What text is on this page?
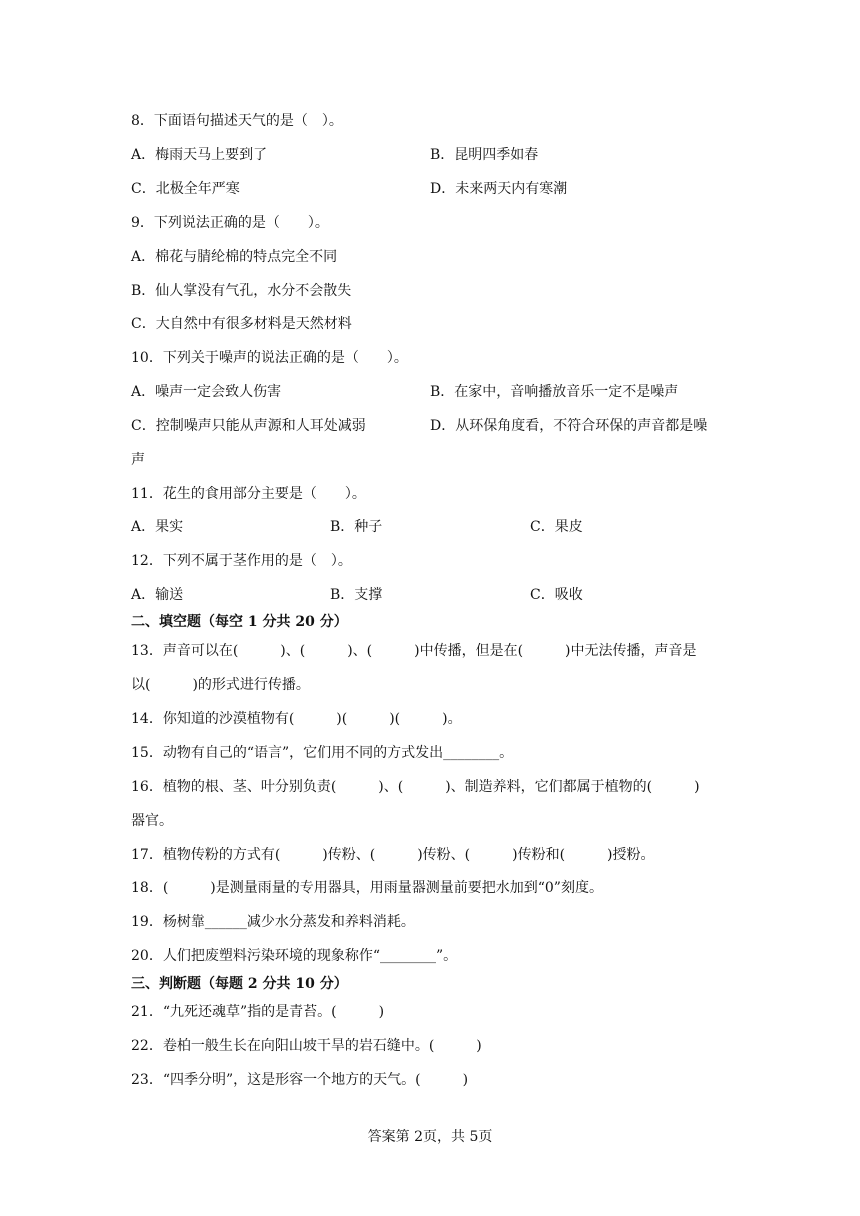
8．下面语句描述天气的是（　）。
A．梅雨天马上要到了	B．昆明四季如春
C．北极全年严寒	D．未来两天内有寒潮
9．下列说法正确的是（　　）。
A．棉花与腈纶棉的特点完全不同
B．仙人掌没有气孔，水分不会散失
C．大自然中有很多材料是天然材料
10．下列关于噪声的说法正确的是（　　）。
A．噪声一定会致人伤害	B．在家中，音响播放音乐一定不是噪声
C．控制噪声只能从声源和人耳处减弱	D．从环保角度看，不符合环保的声音都是噪
声
11．花生的食用部分主要是（　　）。
A．果实	B．种子	C．果皮
12．下列不属于茎作用的是（　）。
A．输送	B．支撑	C．吸收
二、填空题（每空 1 分共 20 分）
13．声音可以在(　　　)、(　　　)、(　　　)中传播，但是在(　　　)中无法传播，声音是
以(　　　)的形式进行传播。
14．你知道的沙漠植物有(　　　)(　　　)(　　　)。
15．动物有自己的“语言”，它们用不同的方式发出________。
16．植物的根、茎、叶分别负责(　　　)、(　　　)、制造养料，它们都属于植物的(　　　)
器官。
17．植物传粉的方式有(　　　)传粉、(　　　)传粉、(　　　)传粉和(　　　)授粉。
18．(　　　)是测量雨量的专用器具，用雨量器测量前要把水加到“0”刻度。
19．杨树靠______减少水分蒸发和养料消耗。
20．人们把废塑料污染环境的现象称作“________”。
三、判断题（每题 2 分共 10 分）
21．“九死还魂草”指的是青苔。(　　　)
22．卷柏一般生长在向阳山坡干旱的岩石缝中。(　　　)
23．“四季分明”，这是形容一个地方的天气。(　　　)
答案第 2页，共 5页
